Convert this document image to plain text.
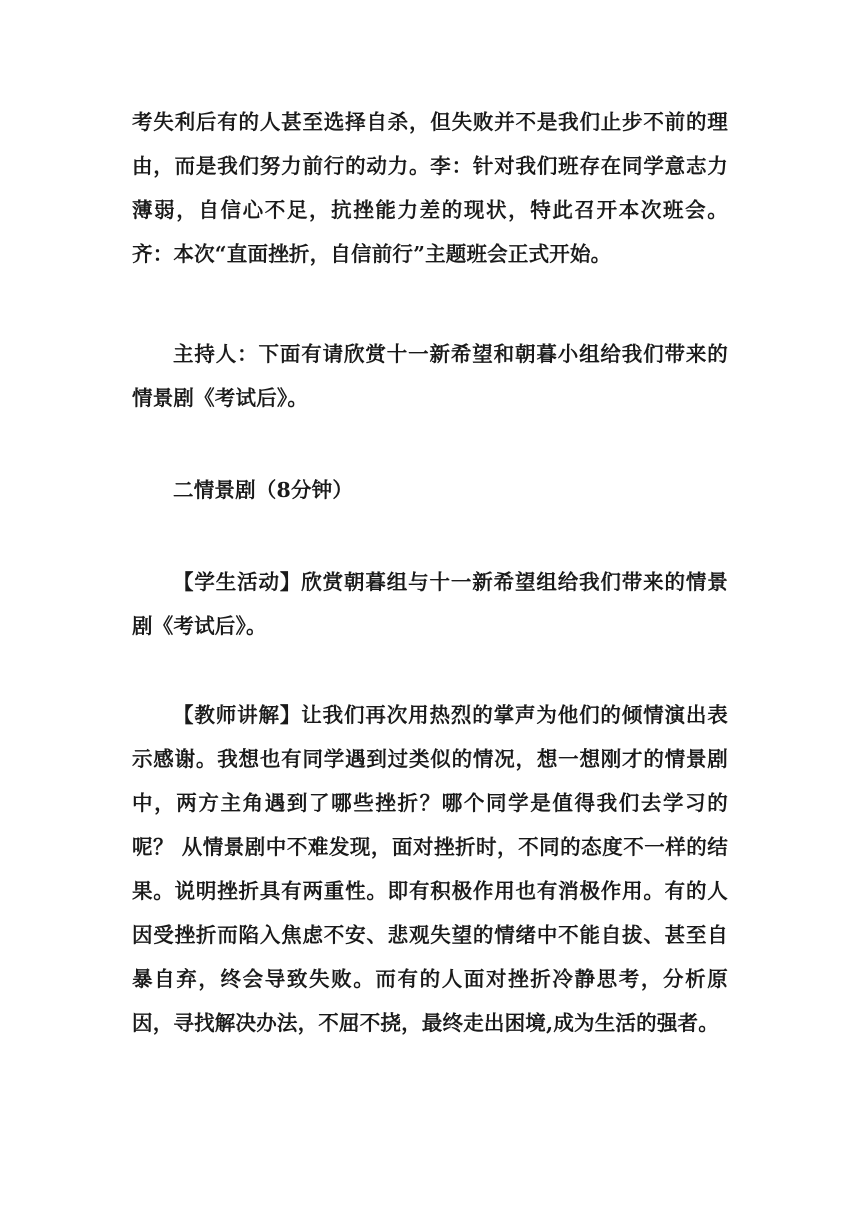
考失利后有的人甚至选择自杀，但失败并不是我们止步不前的理由，而是我们努力前行的动力。李：针对我们班存在同学意志力薄弱，自信心不足，抗挫能力差的现状，特此召开本次班会。齐：本次“直面挫折，自信前行”主题班会正式开始。

主持人：下面有请欣赏十一新希望和朝暮小组给我们带来的情景剧《考试后》。

二情景剧（8分钟）

【学生活动】欣赏朝暮组与十一新希望组给我们带来的情景剧《考试后》。

【教师讲解】让我们再次用热烈的掌声为他们的倾情演出表示感谢。我想也有同学遇到过类似的情况，想一想刚才的情景剧中，两方主角遇到了哪些挫折？哪个同学是值得我们去学习的呢？ 从情景剧中不难发现，面对挫折时，不同的态度不一样的结果。说明挫折具有两重性。即有积极作用也有消极作用。有的人因受挫折而陷入焦虑不安、悲观失望的情绪中不能自拔、甚至自暴自弃，终会导致失败。而有的人面对挫折冷静思考，分析原因，寻找解决办法，不屈不挠，最终走出困境,成为生活的强者。
